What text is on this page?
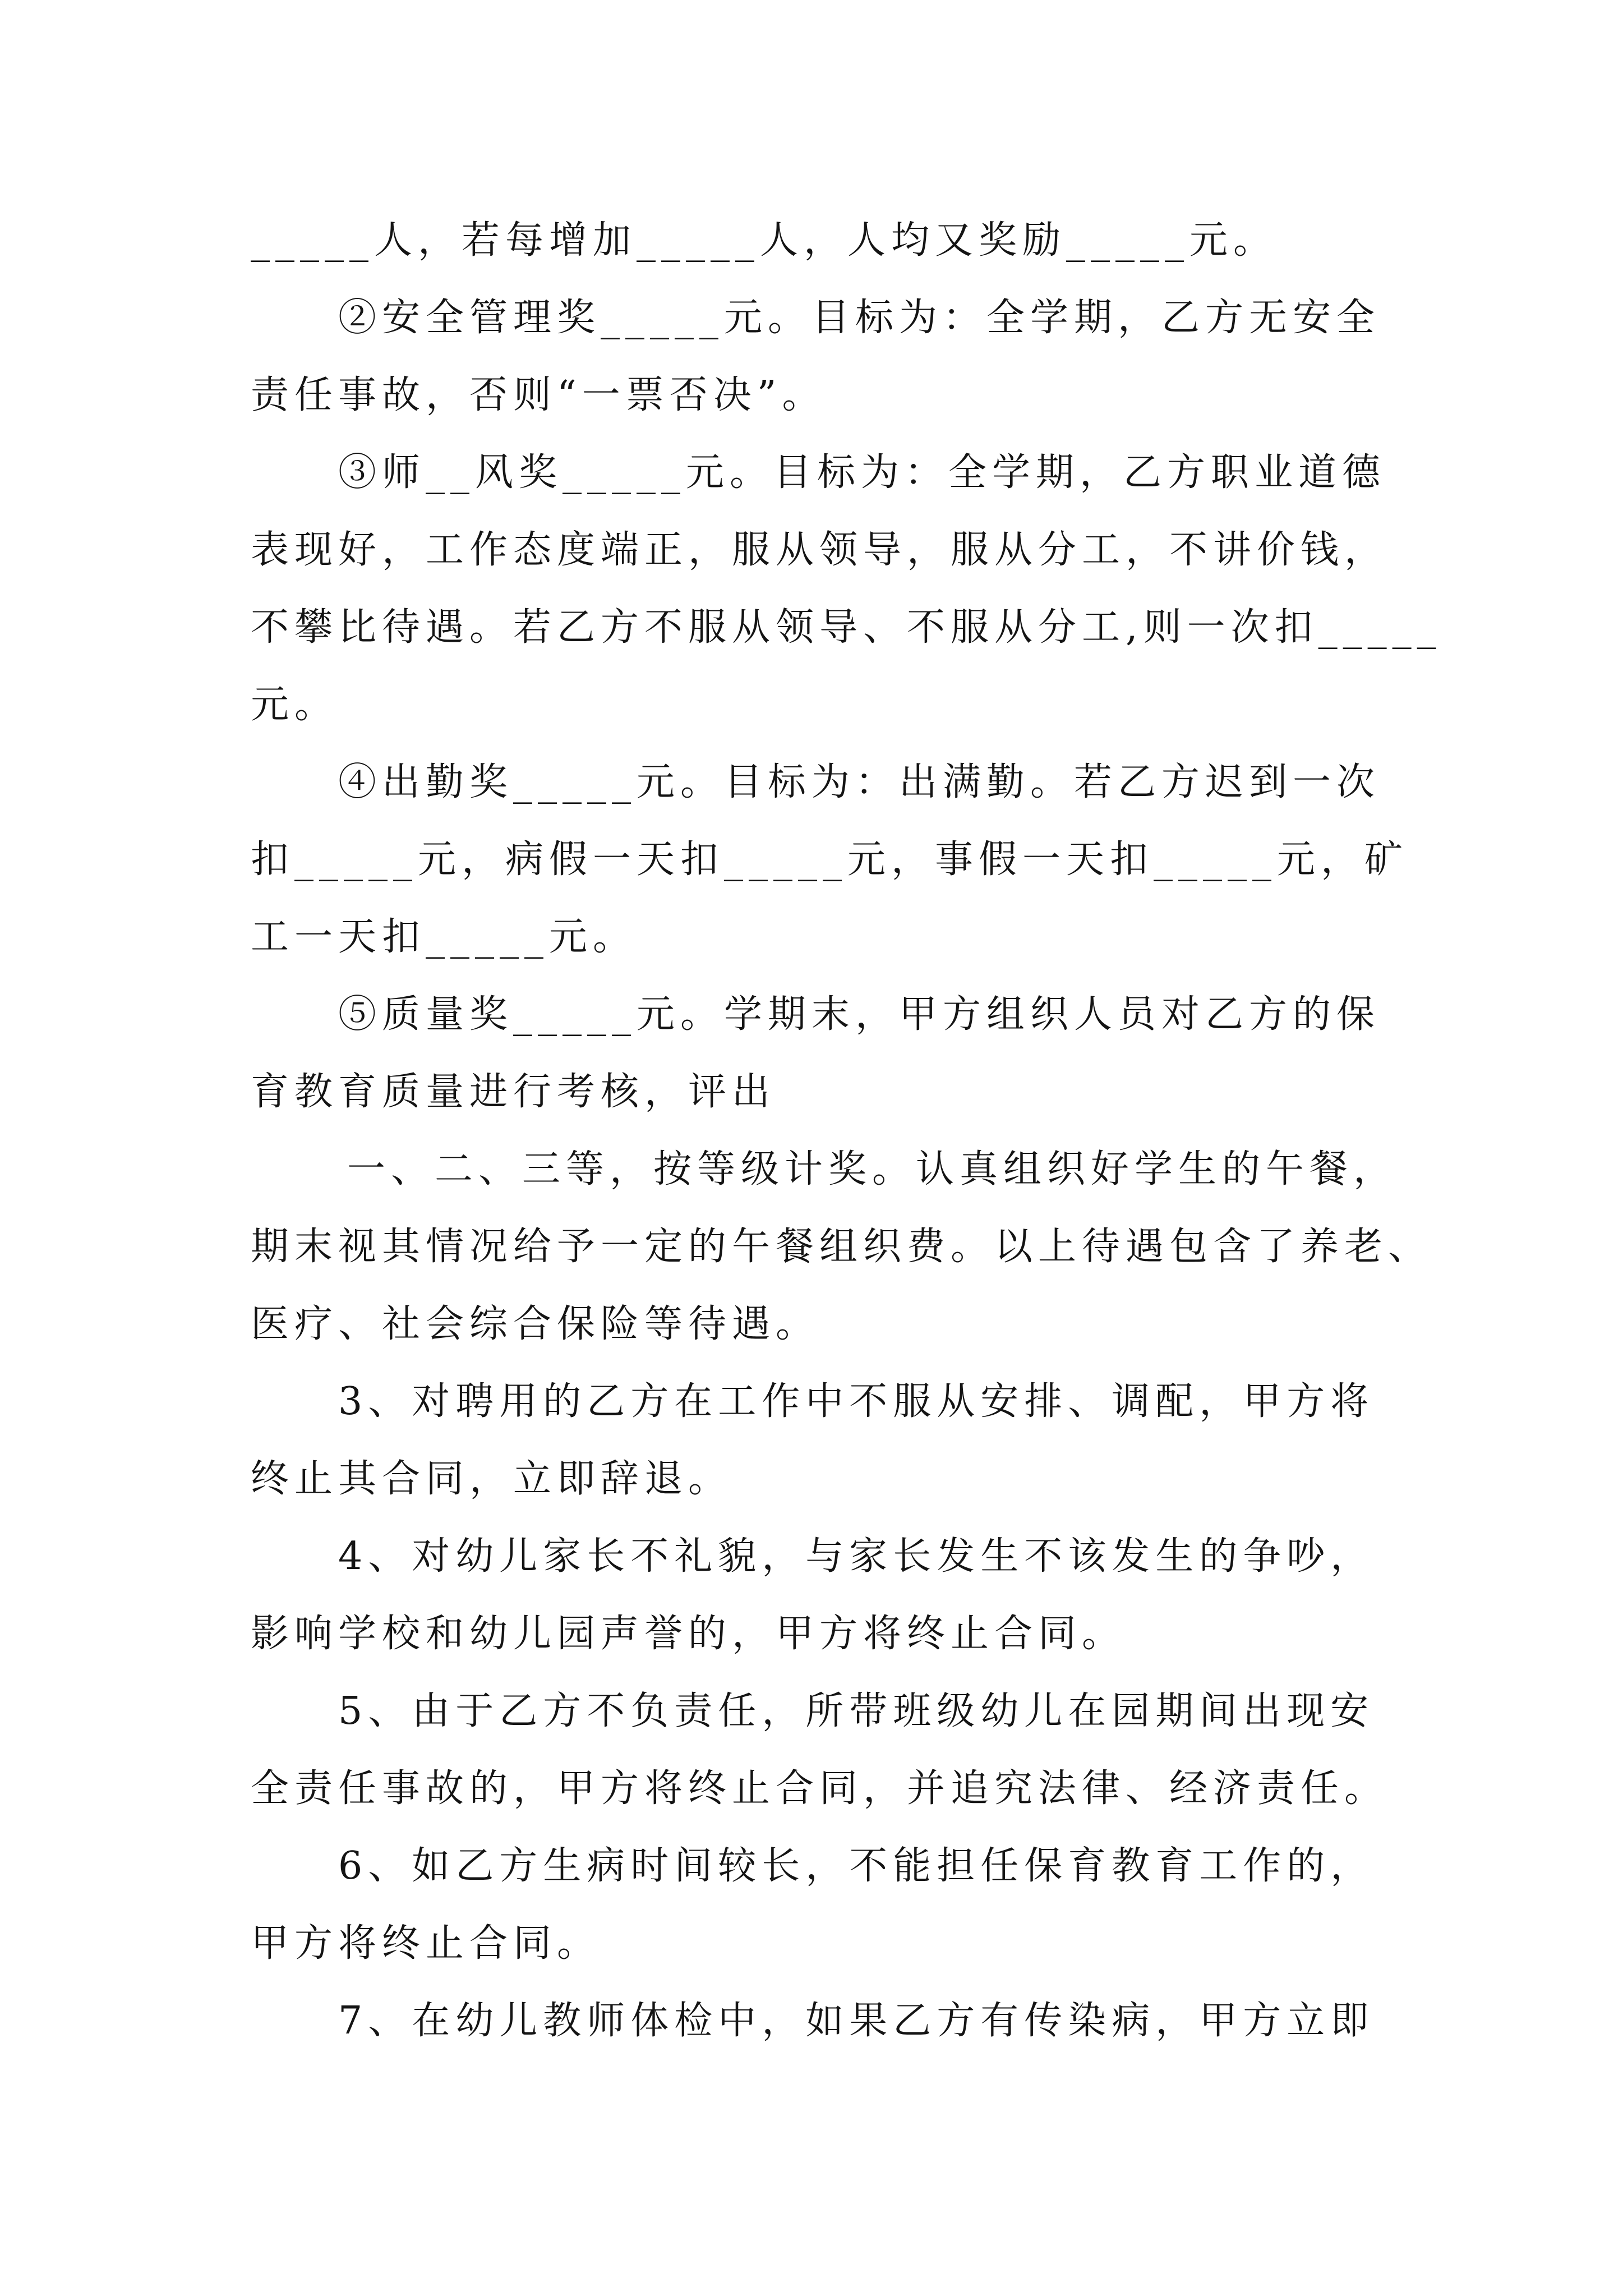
_____人，若每增加_____人，人均又奖励_____元。
②安全管理奖_____元。目标为：全学期，乙方无安全
责任事故，否则“一票否决”。
③师__风奖_____元。目标为：全学期，乙方职业道德
表现好，工作态度端正，服从领导，服从分工，不讲价钱，
不攀比待遇。若乙方不服从领导、不服从分工,则一次扣_____
元。
④出勤奖_____元。目标为：出满勤。若乙方迟到一次
扣_____元，病假一天扣_____元，事假一天扣_____元，矿
工一天扣_____元。
⑤质量奖_____元。学期末，甲方组织人员对乙方的保
育教育质量进行考核，评出
一、二、三等，按等级计奖。认真组织好学生的午餐，
期末视其情况给予一定的午餐组织费。以上待遇包含了养老、
医疗、社会综合保险等待遇。
3、对聘用的乙方在工作中不服从安排、调配，甲方将
终止其合同，立即辞退。
4、对幼儿家长不礼貌，与家长发生不该发生的争吵，
影响学校和幼儿园声誉的，甲方将终止合同。
5、由于乙方不负责任，所带班级幼儿在园期间出现安
全责任事故的，甲方将终止合同，并追究法律、经济责任。
6、如乙方生病时间较长，不能担任保育教育工作的，
甲方将终止合同。
7、在幼儿教师体检中，如果乙方有传染病，甲方立即
